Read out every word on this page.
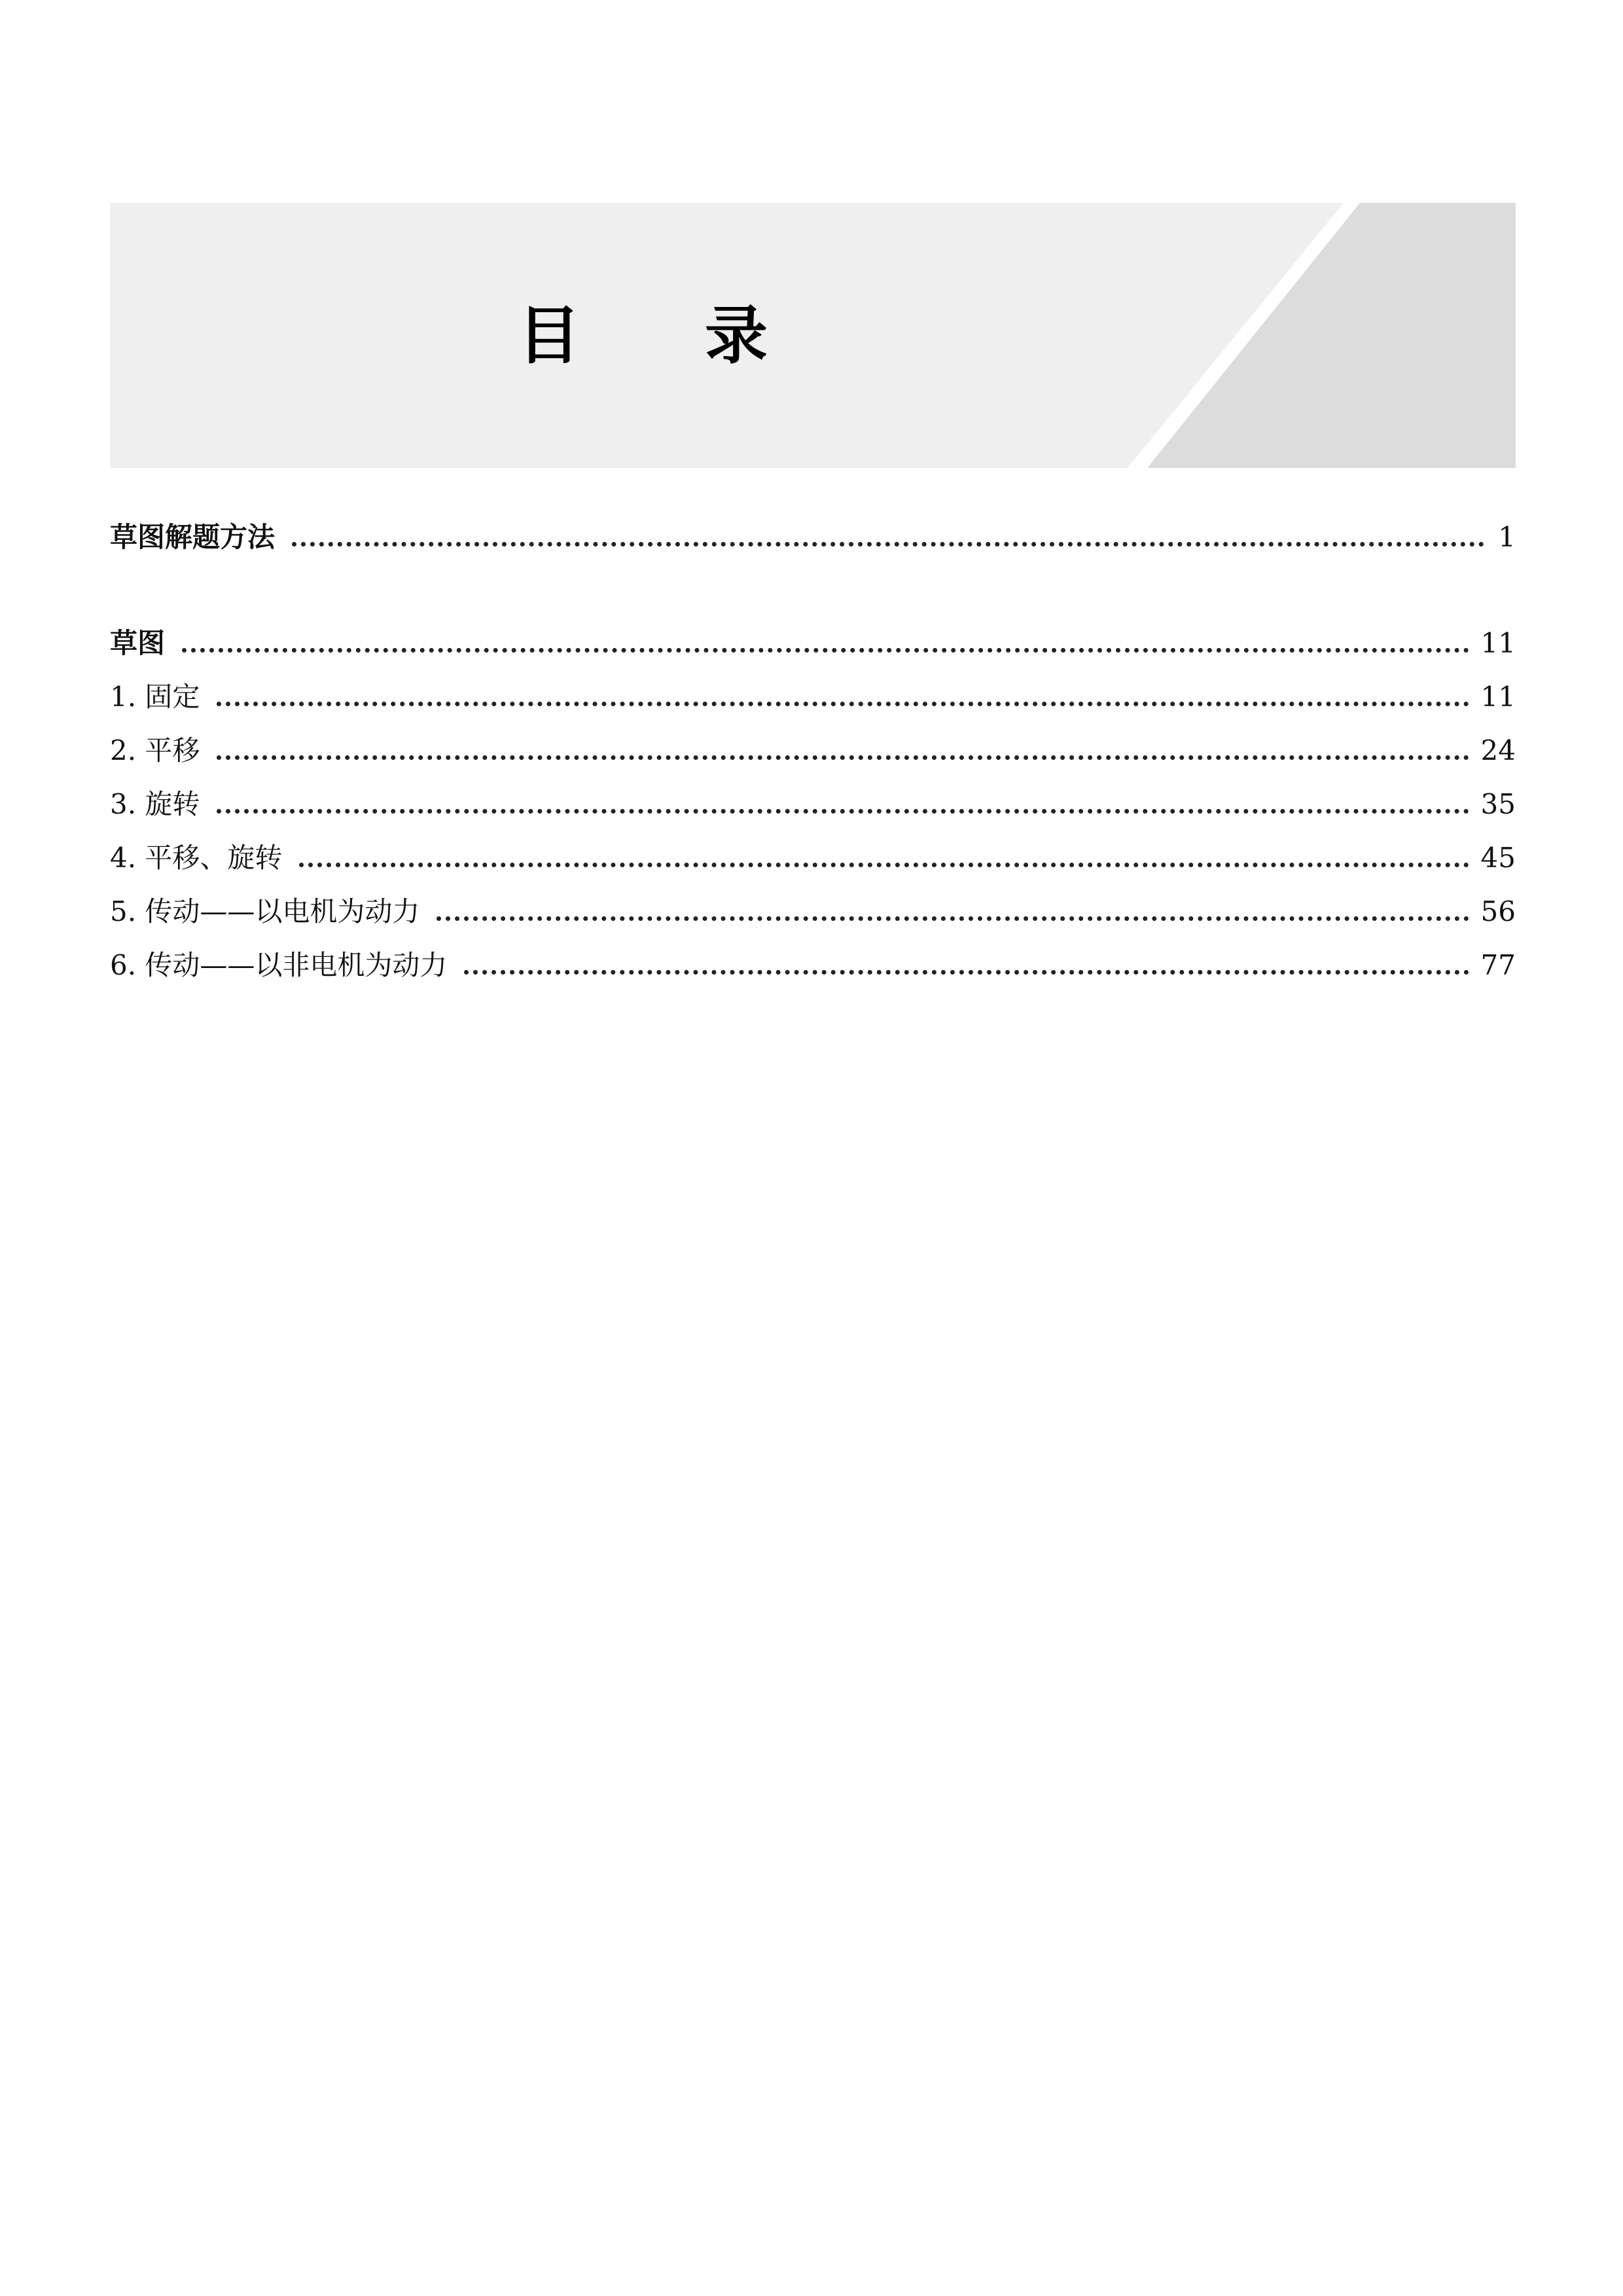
目 录
草图解题方法	1
草图	11
1. 固定	11
2. 平移	24
3. 旋转	35
4. 平移、旋转	45
5. 传动——以电机为动力	56
6. 传动——以非电机为动力	77
